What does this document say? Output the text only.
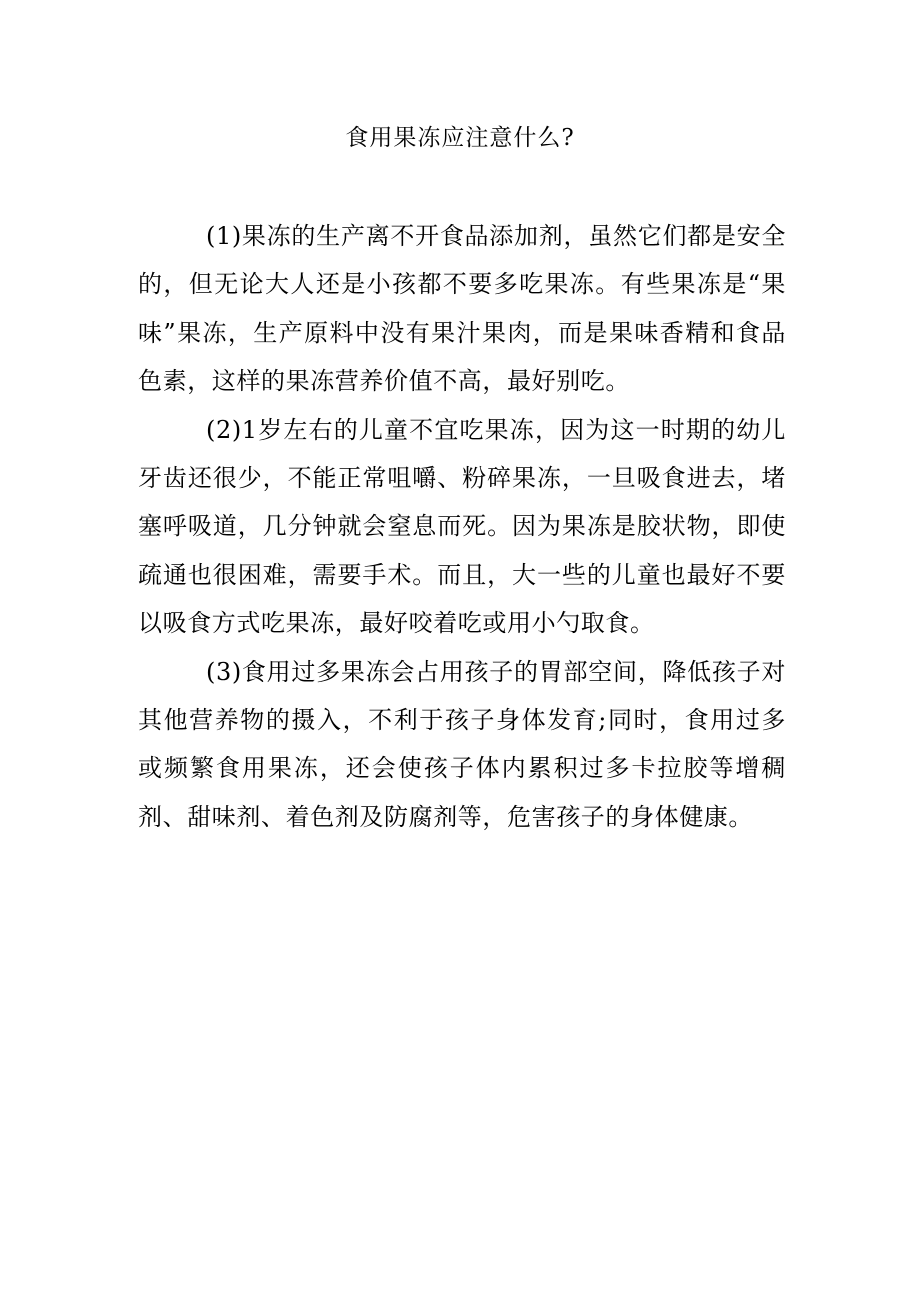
食用果冻应注意什么?

(1)果冻的生产离不开食品添加剂，虽然它们都是安全的，但无论大人还是小孩都不要多吃果冻。有些果冻是“果味”果冻，生产原料中没有果汁果肉，而是果味香精和食品色素，这样的果冻营养价值不高，最好别吃。

(2)1岁左右的儿童不宜吃果冻，因为这一时期的幼儿牙齿还很少，不能正常咀嚼、粉碎果冻，一旦吸食进去，堵塞呼吸道，几分钟就会窒息而死。因为果冻是胶状物，即使疏通也很困难，需要手术。而且，大一些的儿童也最好不要以吸食方式吃果冻，最好咬着吃或用小勺取食。

(3)食用过多果冻会占用孩子的胃部空间，降低孩子对其他营养物的摄入，不利于孩子身体发育;同时，食用过多或频繁食用果冻，还会使孩子体内累积过多卡拉胶等增稠剂、甜味剂、着色剂及防腐剂等，危害孩子的身体健康。
